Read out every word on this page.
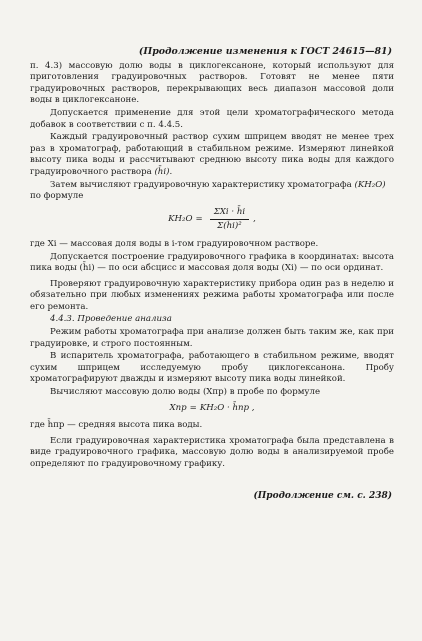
(Продолжение изменения к ГОСТ 24615—81)

п. 4.3) массовую долю воды в циклогексаноне, который используют для приготовления градуировочных растворов. Готовят не менее пяти градуировочных растворов, перекрывающих весь диапазон массовой доли воды в циклогексаноне.

Допускается применение для этой цели хроматографического метода добавок в соответствии с п. 4.4.5.

Каждый градуировочный раствор сухим шприцем вводят не менее трех раз в хроматограф, работающий в стабильном режиме. Измеряют линейкой высоту пика воды и рассчитывают среднюю высоту пика воды для каждого градуировочного раствора (h̄i).

Затем вычисляют градуировочную характеристику хроматографа (KH₂O)
по формуле

$KH_2O = \frac{\text{ΣXi · h̄i}}{\text{Σ(h̄i)²}}$ ,

где Xi — массовая доля воды в i-том градуировочном растворе.

Допускается построение градуировочного графика в координатах: высота пика воды (h̄i) — по оси абсцисс и массовая доля воды (Xi) — по оси ординат.

Проверяют градуировочную характеристику прибора один раз в неделю и обязательно при любых изменениях режима работы хроматографа или после его ремонта.

4.4.3. Проведение анализа

Режим работы хроматографа при анализе должен быть таким же, как при градуировке, и строго постоянным.

В испаритель хроматографа, работающего в стабильном режиме, вводят сухим шприцем исследуемую пробу циклогексанона. Пробу хроматографируют дважды и измеряют высоту пика воды линейкой.

Вычисляют массовую долю воды (Xпр) в пробе по формуле

Xпр = KH₂O · h̄пр ,

где h̄пр — средняя высота пика воды.

Если градуировочная характеристика хроматографа была представлена в виде градуировочного графика, массовую долю воды в анализируемой пробе определяют по градуировочному графику.

(Продолжение см. с. 238)
